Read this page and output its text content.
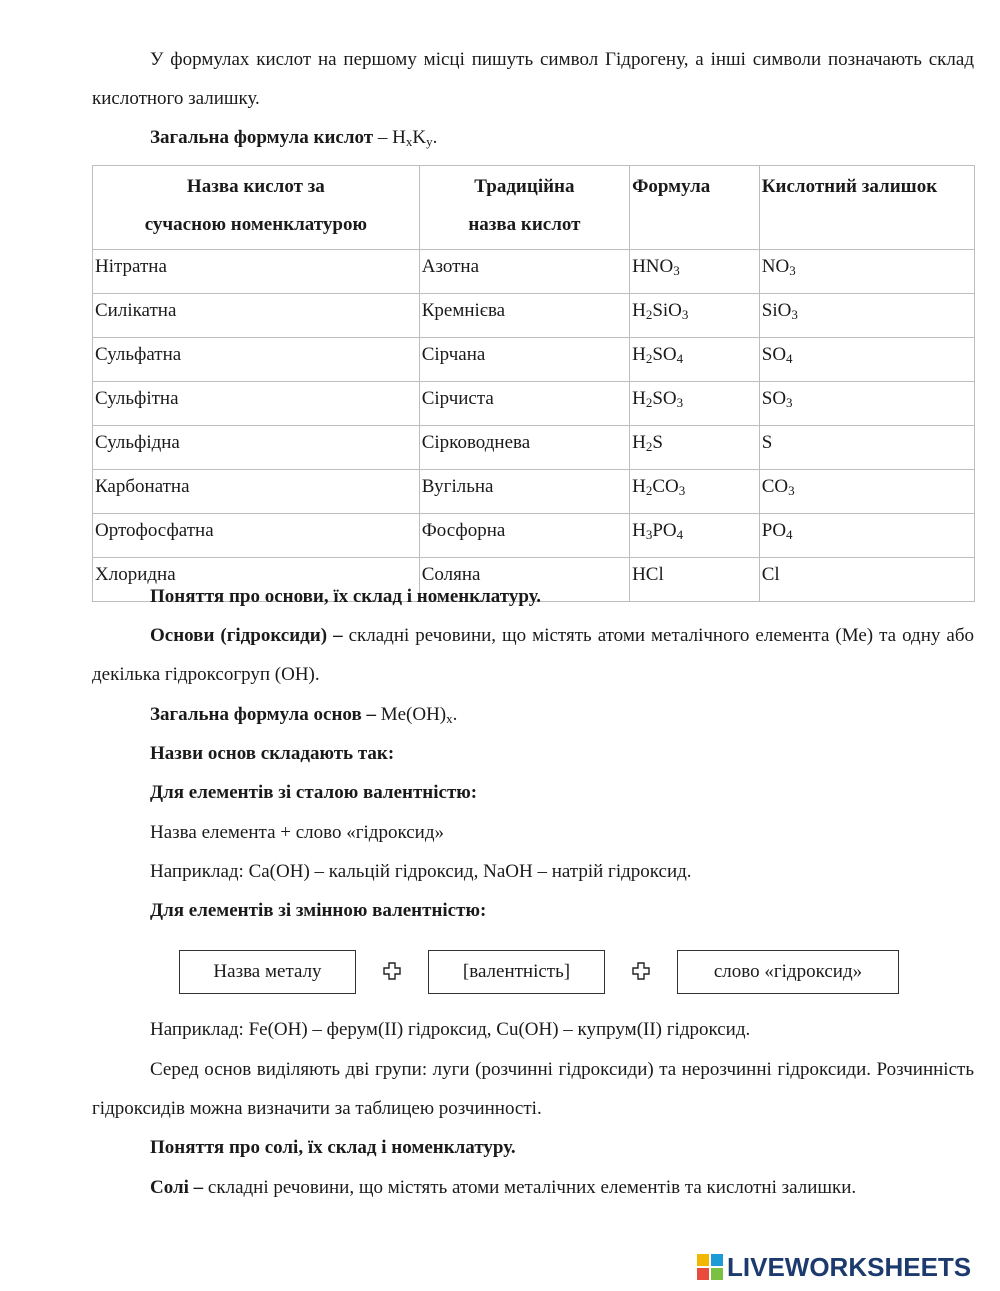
У формулах кислот на першому місці пишуть символ Гідрогену, а інші символи позначають склад кислотного залишку.

Загальна формула кислот – $H_xK_y$.

Назва кислот за
сучасною номенклатурою	Традиційна
назва кислот	Формула	Кислотний залишок
Нітратна	Азотна	$HNO_3$	$NO_3$
Силікатна	Кремнієва	$H_2SiO_3$	SiO$_3$
Сульфатна	Сірчана	$H_2SO_4$	$SO_4$
Сульфітна	Сірчиста	$H_2SO_3$	$SO_3$
Сульфідна	Сірководнева	$H_2S$	S
Карбонатна	Вугільна	$H_2CO_3$	$CO_3$
Ортофосфатна	Фосфорна	$H_3PO_4$	$PO_4$
Хлоридна	Соляна	HCl	Cl

Поняття про основи, їх склад і номенклатуру.

Основи (гідроксиди) – складні речовини, що містять атоми металічного елемента (Ме) та одну або декілька гідроксогруп (ОН).

Загальна формула основ – $Me(OH)_x$.

Назви основ складають так:

Для елементів зі сталою валентністю:

Назва елемента + слово «гідроксид»

Наприклад: Ca(OH) – кальцій гідроксид, NaOH – натрій гідроксид.

Для елементів зі змінною валентністю:

Назва металу	[валентність]	слово «гідроксид»

Наприклад: Fe(OH) – ферум(II) гідроксид, Cu(OH) – купрум(II) гідроксид.

Серед основ виділяють дві групи: луги (розчинні гідроксиди) та нерозчинні гідроксиди. Розчинність гідроксидів можна визначити за таблицею розчинності.

Поняття про солі, їх склад і номенклатуру.

Солі – складні речовини, що містять атоми металічних елементів та кислотні залишки.

LIVEWORKSHEETS
